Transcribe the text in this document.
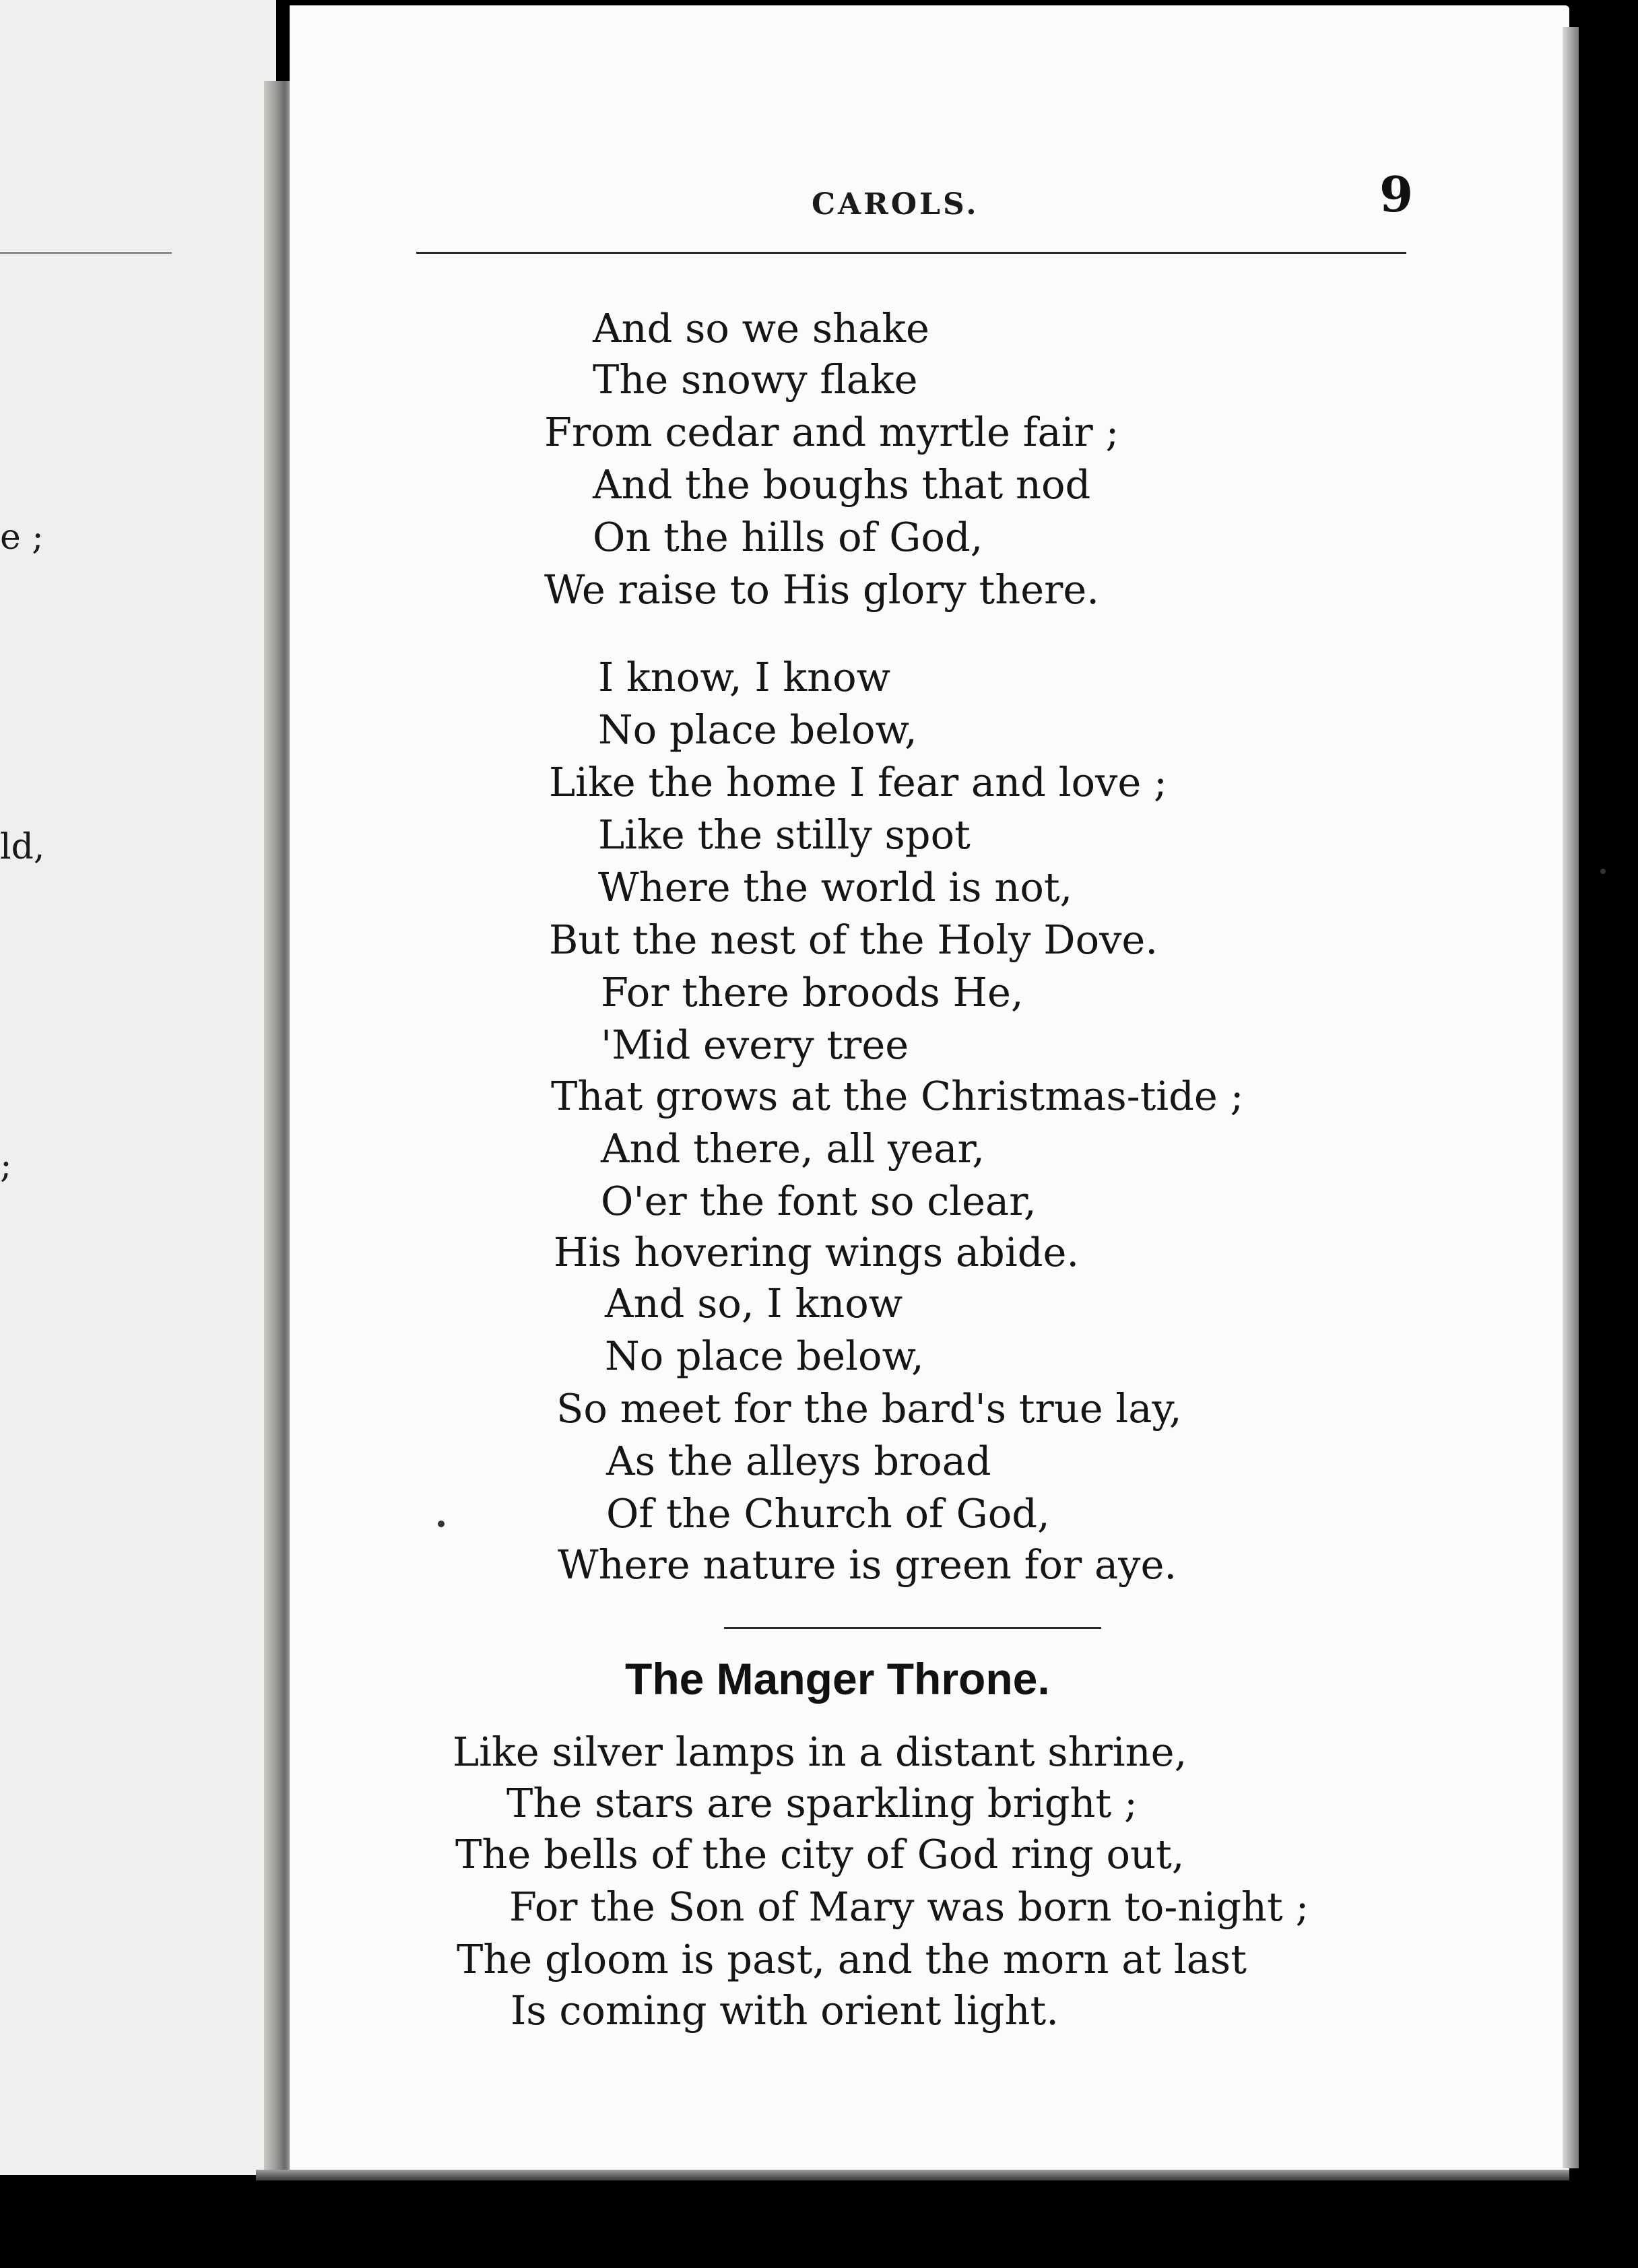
e ;
ld,
;
CAROLS.	9
And so we shake
The snowy flake
From cedar and myrtle fair ;
And the boughs that nod
On the hills of God,
We raise to His glory there.
I know, I know
No place below,
Like the home I fear and love ;
Like the stilly spot
Where the world is not,
But the nest of the Holy Dove.
For there broods He,
'Mid every tree
That grows at the Christmas-tide ;
And there, all year,
O'er the font so clear,
His hovering wings abide.
And so, I know
No place below,
So meet for the bard's true lay,
As the alleys broad
Of the Church of God,
Where nature is green for aye.
The Manger Throne.
Like silver lamps in a distant shrine,
The stars are sparkling bright ;
The bells of the city of God ring out,
For the Son of Mary was born to-night ;
The gloom is past, and the morn at last
Is coming with orient light.
